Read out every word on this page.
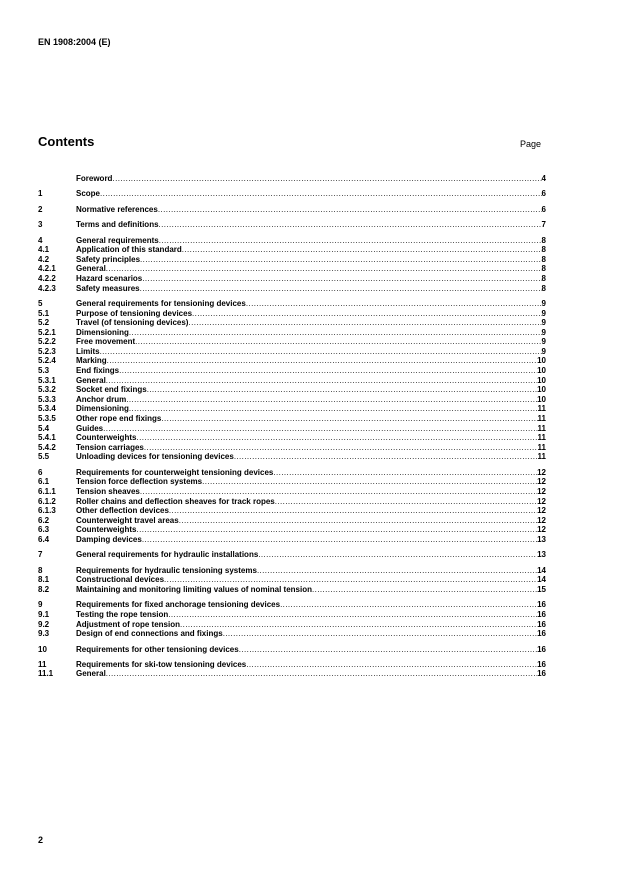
EN 1908:2004 (E)
Contents	Page
Foreword .....	4
1	Scope .....	6
2	Normative references .....	6
3	Terms and definitions .....	7
4	General requirements .....	8
4.1	Application of this standard .....	8
4.2	Safety principles .....	8
4.2.1	General .....	8
4.2.2	Hazard scenarios .....	8
4.2.3	Safety measures .....	8
5	General requirements for tensioning devices .....	9
5.1	Purpose of tensioning devices .....	9
5.2	Travel (of tensioning devices) .....	9
5.2.1	Dimensioning .....	9
5.2.2	Free movement .....	9
5.2.3	Limits .....	9
5.2.4	Marking .....	10
5.3	End fixings .....	10
5.3.1	General .....	10
5.3.2	Socket end fixings .....	10
5.3.3	Anchor drum .....	10
5.3.4	Dimensioning .....	11
5.3.5	Other rope end fixings .....	11
5.4	Guides .....	11
5.4.1	Counterweights .....	11
5.4.2	Tension carriages .....	11
5.5	Unloading devices for tensioning devices .....	11
6	Requirements for counterweight tensioning devices .....	12
6.1	Tension force deflection systems .....	12
6.1.1	Tension sheaves .....	12
6.1.2	Roller chains and deflection sheaves for track ropes .....	12
6.1.3	Other deflection devices .....	12
6.2	Counterweight travel areas .....	12
6.3	Counterweights .....	12
6.4	Damping devices .....	13
7	General requirements for hydraulic installations .....	13
8	Requirements for hydraulic tensioning systems .....	14
8.1	Constructional devices .....	14
8.2	Maintaining and monitoring limiting values of nominal tension .....	15
9	Requirements for fixed anchorage tensioning devices .....	16
9.1	Testing the rope tension .....	16
9.2	Adjustment of rope tension .....	16
9.3	Design of end connections and fixings .....	16
10	Requirements for other tensioning devices .....	16
11	Requirements for ski-tow tensioning devices .....	16
11.1	General .....	16
2
